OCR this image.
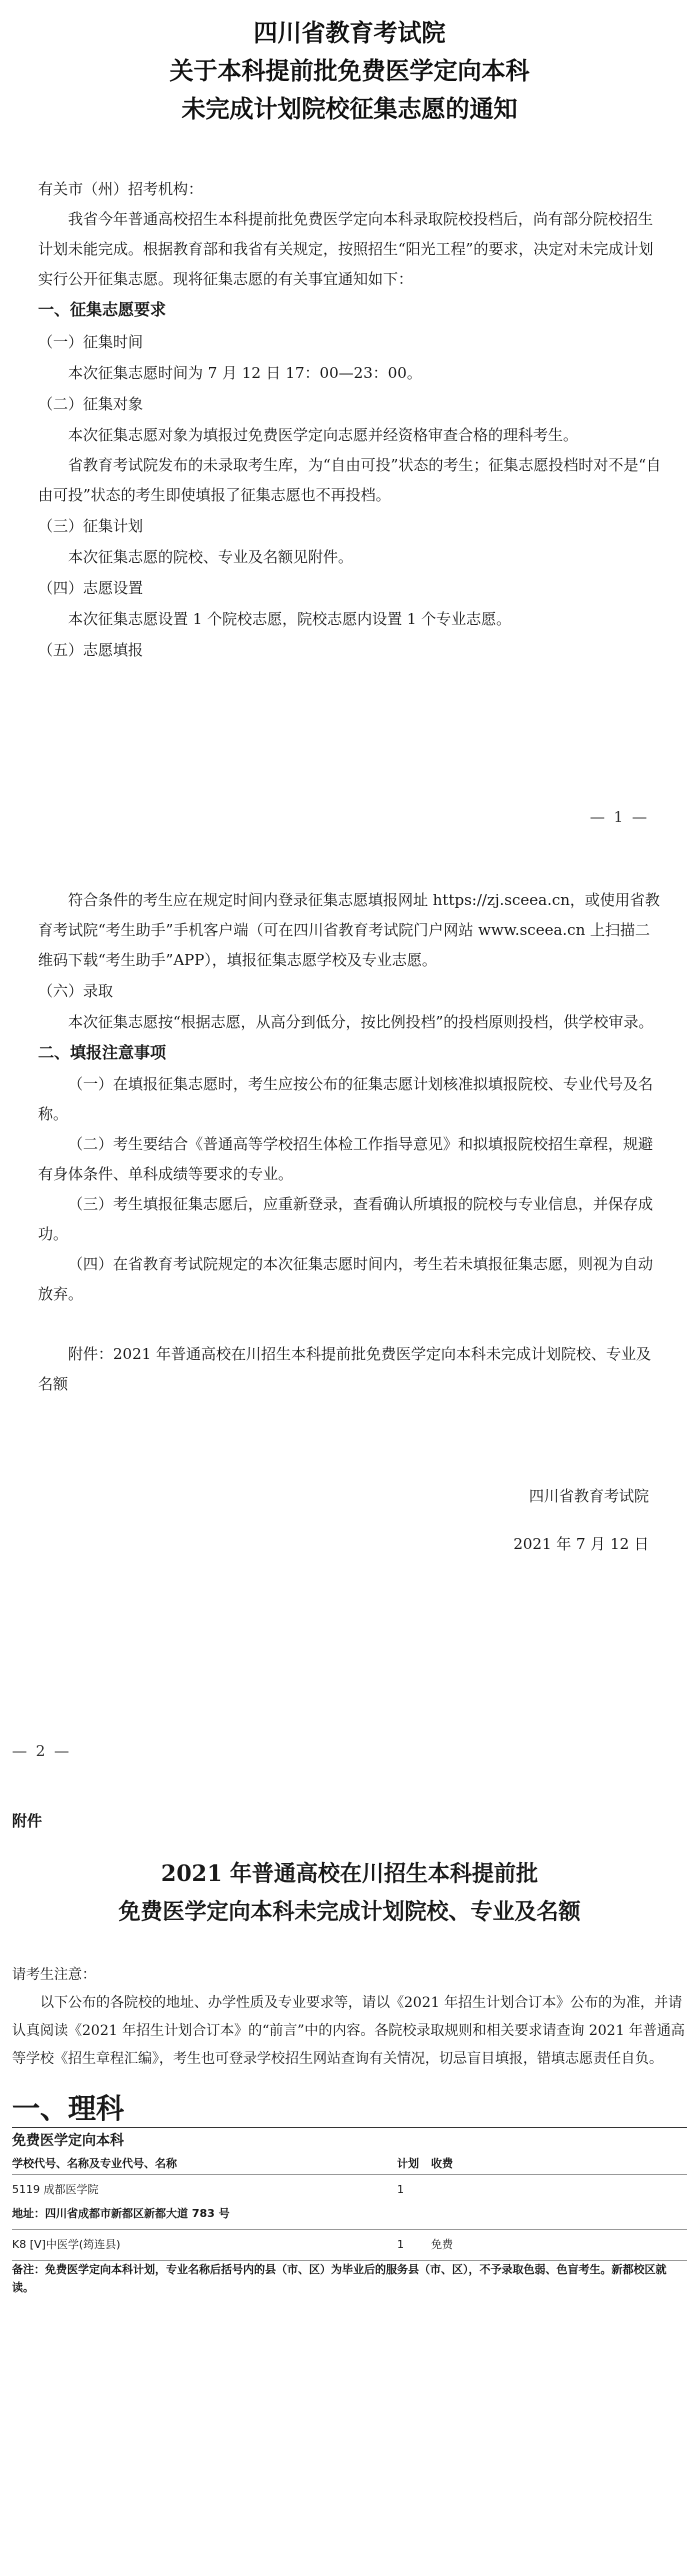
四川省教育考试院
关于本科提前批免费医学定向本科
未完成计划院校征集志愿的通知

有关市（州）招考机构：

我省今年普通高校招生本科提前批免费医学定向本科录取院校投档后，尚有部分院校招生计划未能完成。根据教育部和我省有关规定，按照招生“阳光工程”的要求，决定对未完成计划实行公开征集志愿。现将征集志愿的有关事宜通知如下：

一、征集志愿要求
（一）征集时间

本次征集志愿时间为 7 月 12 日 17：00—23：00。

（二）征集对象

本次征集志愿对象为填报过免费医学定向志愿并经资格审查合格的理科考生。

省教育考试院发布的未录取考生库，为“自由可投”状态的考生；征集志愿投档时对不是“自由可投”状态的考生即使填报了征集志愿也不再投档。

（三）征集计划

本次征集志愿的院校、专业及名额见附件。

（四）志愿设置

本次征集志愿设置 1 个院校志愿，院校志愿内设置 1 个专业志愿。

（五）志愿填报
— 1 —

符合条件的考生应在规定时间内登录征集志愿填报网址 https://zj.sceea.cn，或使用省教育考试院“考生助手”手机客户端（可在四川省教育考试院门户网站 www.sceea.cn 上扫描二维码下载“考生助手”APP），填报征集志愿学校及专业志愿。

（六）录取

本次征集志愿按“根据志愿，从高分到低分，按比例投档”的投档原则投档，供学校审录。

二、填报注意事项

（一）在填报征集志愿时，考生应按公布的征集志愿计划核准拟填报院校、专业代号及名称。

（二）考生要结合《普通高等学校招生体检工作指导意见》和拟填报院校招生章程，规避有身体条件、单科成绩等要求的专业。

（三）考生填报征集志愿后，应重新登录，查看确认所填报的院校与专业信息，并保存成功。

（四）在省教育考试院规定的本次征集志愿时间内，考生若未填报征集志愿，则视为自动放弃。

附件：2021 年普通高校在川招生本科提前批免费医学定向本科未完成计划院校、专业及名额

四川省教育考试院
2021 年 7 月 12 日
— 2 —
附件
2021 年普通高校在川招生本科提前批
免费医学定向本科未完成计划院校、专业及名额
请考生注意：

以下公布的各院校的地址、办学性质及专业要求等，请以《2021 年招生计划合订本》公布的为准，并请认真阅读《2021 年招生计划合订本》的“前言”中的内容。各院校录取规则和相关要求请查询 2021 年普通高等学校《招生章程汇编》，考生也可登录学校招生网站查询有关情况，切忌盲目填报，错填志愿责任自负。

一、理科
免费医学定向本科
学校代号、名称及专业代号、名称	计划	收费
5119 成都医学院	1
地址：四川省成都市新都区新都大道 783 号
K8 [V]中医学(筠连县)	1	免费
备注：免费医学定向本科计划，专业名称后括号内的县（市、区）为毕业后的服务县（市、区），不予录取色弱、色盲考生。新都校区就读。
